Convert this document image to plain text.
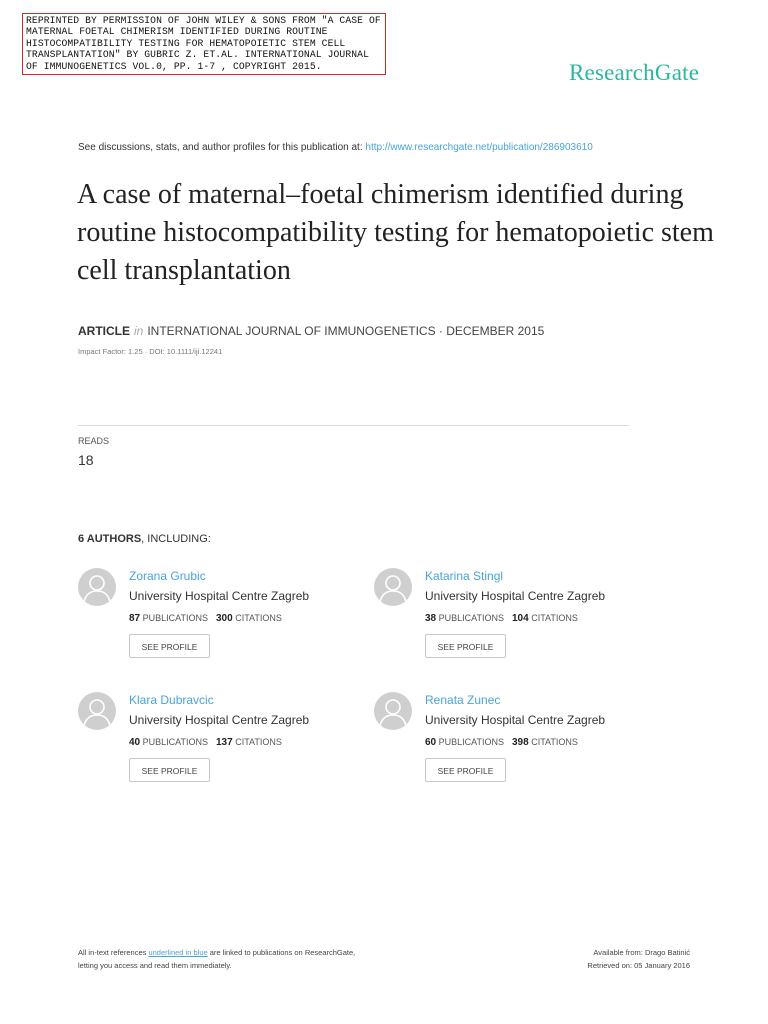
REPRINTED BY PERMISSION OF JOHN WILEY & SONS FROM "A CASE OF MATERNAL FOETAL CHIMERISM IDENTIFIED DURING ROUTINE HISTOCOMPATIBILITY TESTING FOR HEMATOPOIETIC STEM CELL TRANSPLANTATION" BY GUBRIC Z. ET.AL. INTERNATIONAL JOURNAL OF IMMUNOGENETICS VOL.0, PP. 1-7 , COPYRIGHT 2015.	ResearchGate
See discussions, stats, and author profiles for this publication at: http://www.researchgate.net/publication/286903610
A case of maternal–foetal chimerism identified during routine histocompatibility testing for hematopoietic stem cell transplantation
ARTICLE in INTERNATIONAL JOURNAL OF IMMUNOGENETICS · DECEMBER 2015
Impact Factor: 1.25 · DOI: 10.1111/iji.12241
READS
18
6 AUTHORS, INCLUDING:
Zorana Grubic
University Hospital Centre Zagreb
87 PUBLICATIONS 300 CITATIONS
SEE PROFILE
Katarina Stingl
University Hospital Centre Zagreb
38 PUBLICATIONS 104 CITATIONS
SEE PROFILE
Klara Dubravcic
University Hospital Centre Zagreb
40 PUBLICATIONS 137 CITATIONS
SEE PROFILE
Renata Zunec
University Hospital Centre Zagreb
60 PUBLICATIONS 398 CITATIONS
SEE PROFILE
All in-text references underlined in blue are linked to publications on ResearchGate,
letting you access and read them immediately.
Available from: Drago Batinić
Retrieved on: 05 January 2016
